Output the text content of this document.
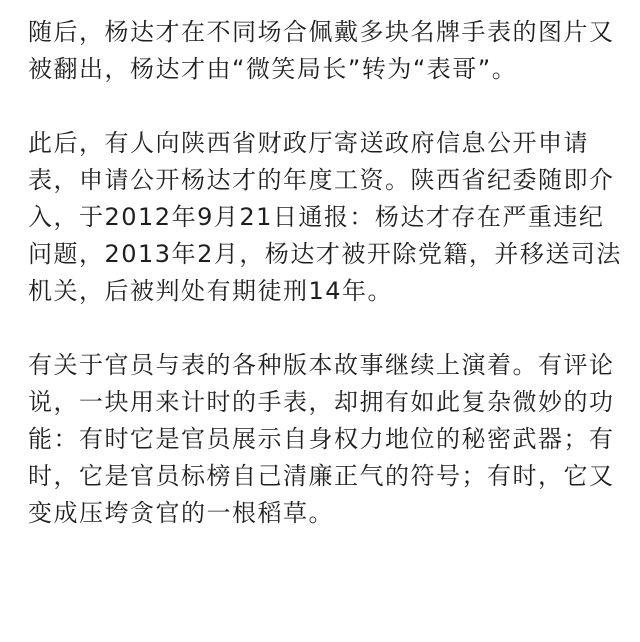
随后，杨达才在不同场合佩戴多块名牌手表的图片又被翻出，杨达才由“微笑局长”转为“表哥”。

此后，有人向陕西省财政厅寄送政府信息公开申请表，申请公开杨达才的年度工资。陕西省纪委随即介入，于2012年9月21日通报：杨达才存在严重违纪问题，2013年2月，杨达才被开除党籍，并移送司法机关，后被判处有期徒刑14年。

有关于官员与表的各种版本故事继续上演着。有评论说，一块用来计时的手表，却拥有如此复杂微妙的功能：有时它是官员展示自身权力地位的秘密武器；有时，它是官员标榜自己清廉正气的符号；有时，它又变成压垮贪官的一根稻草。
